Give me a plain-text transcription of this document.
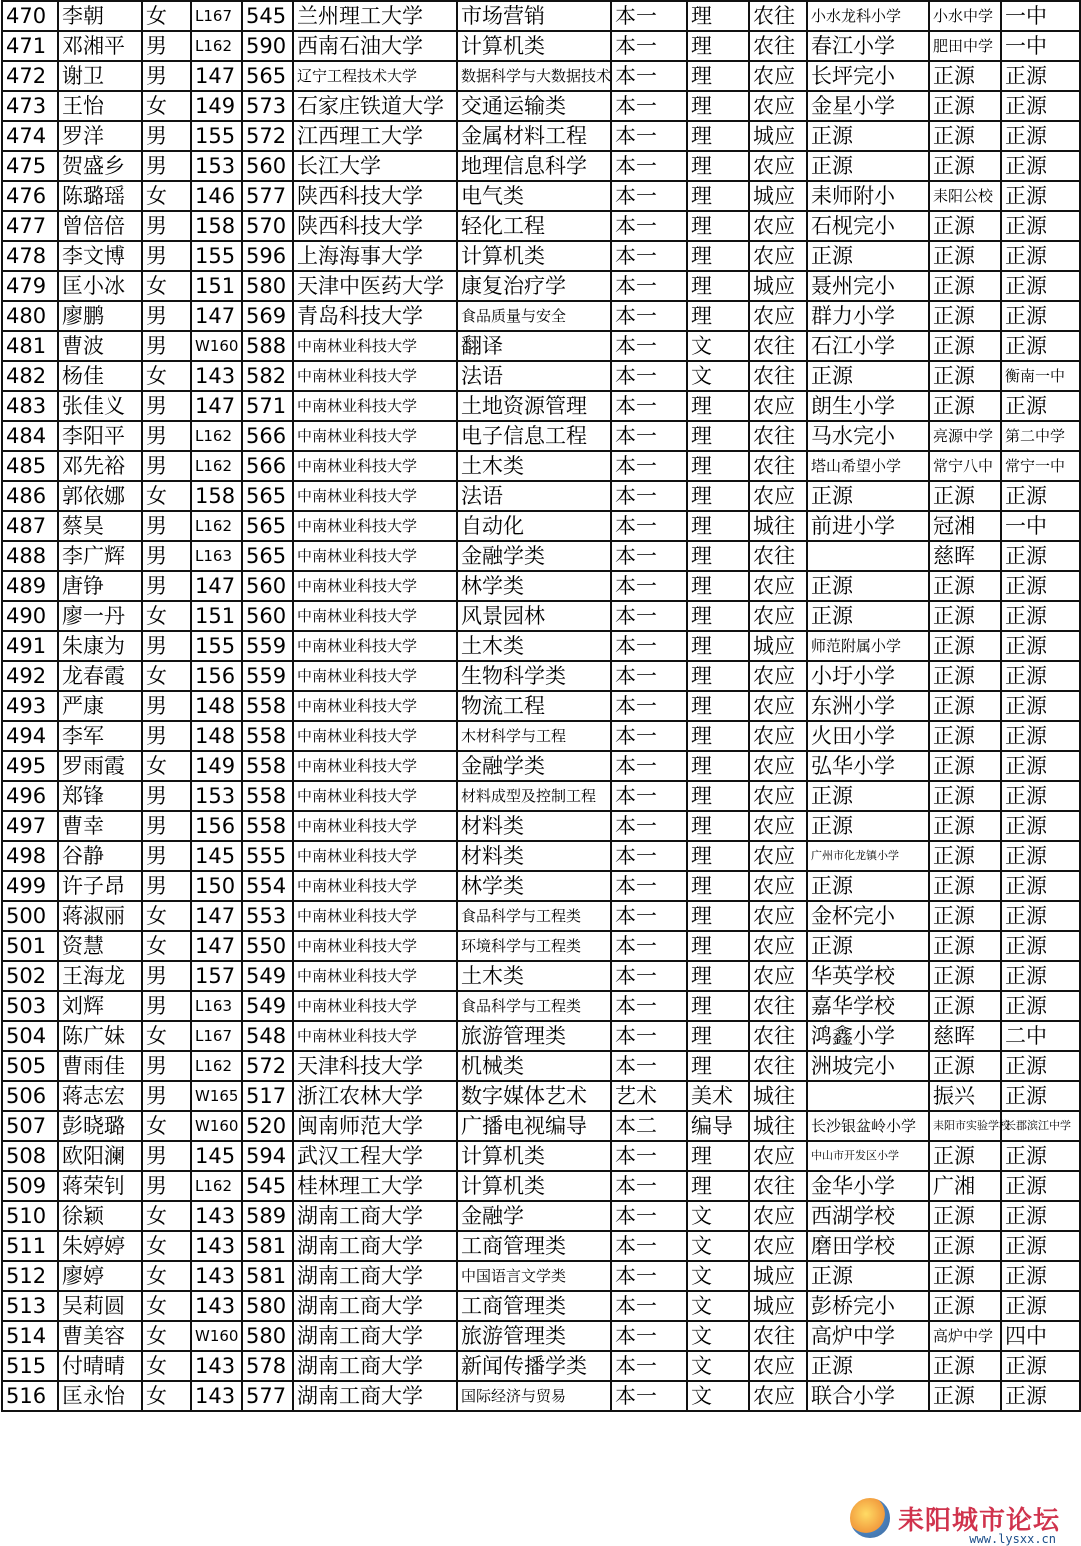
470	李朝	女	L167	545	兰州理工大学	市场营销	本一	理	农往	小水龙科小学	小水中学	一中
471	邓湘平	男	L162	590	西南石油大学	计算机类	本一	理	农往	春江小学	肥田中学	一中
472	谢卫	男	147	565	辽宁工程技术大学	数据科学与大数据技术	本一	理	农应	长坪完小	正源	正源
473	王怡	女	149	573	石家庄铁道大学	交通运输类	本一	理	农应	金星小学	正源	正源
474	罗洋	男	155	572	江西理工大学	金属材料工程	本一	理	城应	正源	正源	正源
475	贺盛乡	男	153	560	长江大学	地理信息科学	本一	理	农应	正源	正源	正源
476	陈璐瑶	女	146	577	陕西科技大学	电气类	本一	理	城应	耒师附小	耒阳公校	正源
477	曾倍倍	男	158	570	陕西科技大学	轻化工程	本一	理	农应	石枧完小	正源	正源
478	李文博	男	155	596	上海海事大学	计算机类	本一	理	农应	正源	正源	正源
479	匡小冰	女	151	580	天津中医药大学	康复治疗学	本一	理	城应	聂州完小	正源	正源
480	廖鹏	男	147	569	青岛科技大学	食品质量与安全	本一	理	农应	群力小学	正源	正源
481	曹波	男	W160	588	中南林业科技大学	翻译	本一	文	农往	石江小学	正源	正源
482	杨佳	女	143	582	中南林业科技大学	法语	本一	文	农往	正源	正源	衡南一中
483	张佳义	男	147	571	中南林业科技大学	土地资源管理	本一	理	农应	朗生小学	正源	正源
484	李阳平	男	L162	566	中南林业科技大学	电子信息工程	本一	理	农往	马水完小	亮源中学	第二中学
485	邓先裕	男	L162	566	中南林业科技大学	土木类	本一	理	农往	塔山希望小学	常宁八中	常宁一中
486	郭依娜	女	158	565	中南林业科技大学	法语	本一	理	农应	正源	正源	正源
487	蔡昊	男	L162	565	中南林业科技大学	自动化	本一	理	城往	前进小学	冠湘	一中
488	李广辉	男	L163	565	中南林业科技大学	金融学类	本一	理	农往		慈晖	正源
489	唐铮	男	147	560	中南林业科技大学	林学类	本一	理	农应	正源	正源	正源
490	廖一丹	女	151	560	中南林业科技大学	风景园林	本一	理	农应	正源	正源	正源
491	朱康为	男	155	559	中南林业科技大学	土木类	本一	理	城应	师范附属小学	正源	正源
492	龙春霞	女	156	559	中南林业科技大学	生物科学类	本一	理	农应	小圩小学	正源	正源
493	严康	男	148	558	中南林业科技大学	物流工程	本一	理	农应	东洲小学	正源	正源
494	李军	男	148	558	中南林业科技大学	木材科学与工程	本一	理	农应	火田小学	正源	正源
495	罗雨霞	女	149	558	中南林业科技大学	金融学类	本一	理	农应	弘华小学	正源	正源
496	郑锋	男	153	558	中南林业科技大学	材料成型及控制工程	本一	理	农应	正源	正源	正源
497	曹幸	男	156	558	中南林业科技大学	材料类	本一	理	农应	正源	正源	正源
498	谷静	男	145	555	中南林业科技大学	材料类	本一	理	农应	广州市化龙镇小学	正源	正源
499	许子昂	男	150	554	中南林业科技大学	林学类	本一	理	农应	正源	正源	正源
500	蒋淑丽	女	147	553	中南林业科技大学	食品科学与工程类	本一	理	农应	金杯完小	正源	正源
501	资慧	女	147	550	中南林业科技大学	环境科学与工程类	本一	理	农应	正源	正源	正源
502	王海龙	男	157	549	中南林业科技大学	土木类	本一	理	农应	华英学校	正源	正源
503	刘辉	男	L163	549	中南林业科技大学	食品科学与工程类	本一	理	农往	嘉华学校	正源	正源
504	陈广妹	女	L167	548	中南林业科技大学	旅游管理类	本一	理	农往	鸿鑫小学	慈晖	二中
505	曹雨佳	男	L162	572	天津科技大学	机械类	本一	理	农往	洲坡完小	正源	正源
506	蒋志宏	男	W165	517	浙江农林大学	数字媒体艺术	艺术	美术	城往		振兴	正源
507	彭晓璐	女	W160	520	闽南师范大学	广播电视编导	本二	编导	城往	长沙银盆岭小学	耒阳市实验学校	长郡滨江中学
508	欧阳澜	男	145	594	武汉工程大学	计算机类	本一	理	农应	中山市开发区小学	正源	正源
509	蒋荣钊	男	L162	545	桂林理工大学	计算机类	本一	理	农往	金华小学	广湘	正源
510	徐颖	女	143	589	湖南工商大学	金融学	本一	文	农应	西湖学校	正源	正源
511	朱婷婷	女	143	581	湖南工商大学	工商管理类	本一	文	农应	磨田学校	正源	正源
512	廖婷	女	143	581	湖南工商大学	中国语言文学类	本一	文	城应	正源	正源	正源
513	吴莉圆	女	143	580	湖南工商大学	工商管理类	本一	文	城应	彭桥完小	正源	正源
514	曹美容	女	W160	580	湖南工商大学	旅游管理类	本一	文	农往	高炉中学	高炉中学	四中
515	付晴晴	女	143	578	湖南工商大学	新闻传播学类	本一	文	农应	正源	正源	正源
516	匡永怡	女	143	577	湖南工商大学	国际经济与贸易	本一	文	农应	联合小学	正源	正源
耒阳城市论坛
www.lysxx.cn
